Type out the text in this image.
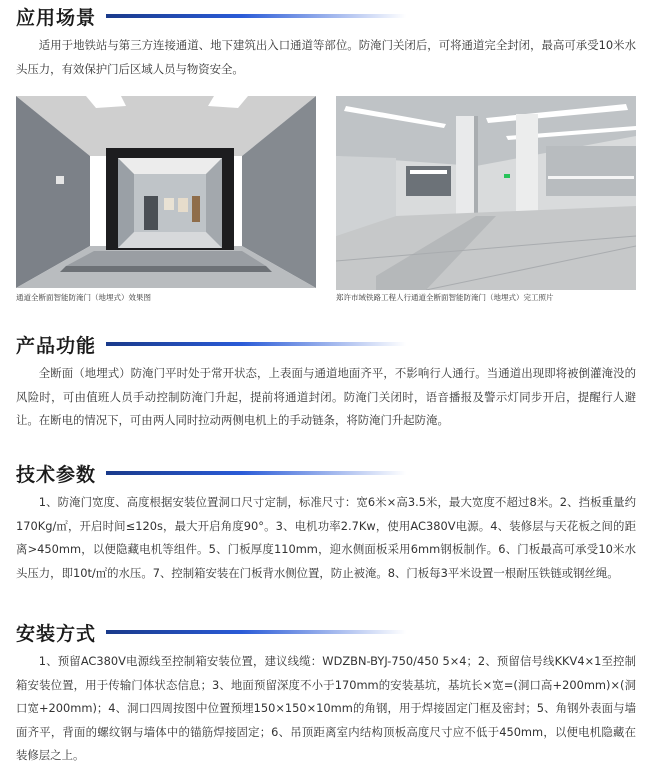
应用场景
适用于地铁站与第三方连接通道、地下建筑出入口通道等部位。防淹门关闭后，可将通道完全封闭，最高可承受10米水头压力，有效保护门后区域人员与物资安全。
通道全断面智能防淹门（地埋式）效果图	郑许市域铁路工程人行通道全断面智能防淹门（地埋式）完工照片
产品功能
全断面（地埋式）防淹门平时处于常开状态，上表面与通道地面齐平，不影响行人通行。当通道出现即将被倒灌淹没的风险时，可由值班人员手动控制防淹门升起，提前将通道封闭。防淹门关闭时，语音播报及警示灯同步开启，提醒行人避让。在断电的情况下，可由两人同时拉动两侧电机上的手动链条，将防淹门升起防淹。
技术参数
1、防淹门宽度、高度根据安装位置洞口尺寸定制，标准尺寸：宽6米×高3.5米，最大宽度不超过8米。2、挡板重量约170Kg/㎡，开启时间≤120s，最大开启角度90°。3、电机功率2.7Kw，使用AC380V电源。4、装修层与天花板之间的距离>450mm，以便隐藏电机等组件。5、门板厚度110mm，迎水侧面板采用6mm钢板制作。6、门板最高可承受10米水头压力，即10t/㎡的水压。7、控制箱安装在门板背水侧位置，防止被淹。8、门板每3平米设置一根耐压铁链或钢丝绳。
安装方式
1、预留AC380V电源线至控制箱安装位置，建议线缆：WDZBN-BYJ-750/450 5×4；2、预留信号线KKV4×1至控制箱安装位置，用于传输门体状态信息；3、地面预留深度不小于170mm的安装基坑，基坑长×宽=(洞口高+200mm)×(洞口宽+200mm)；4、洞口四周按图中位置预埋150×150×10mm的角钢，用于焊接固定门框及密封；5、角钢外表面与墙面齐平，背面的螺纹钢与墙体中的锚筋焊接固定；6、吊顶距离室内结构顶板高度尺寸应不低于450mm，以便电机隐藏在装修层之上。
